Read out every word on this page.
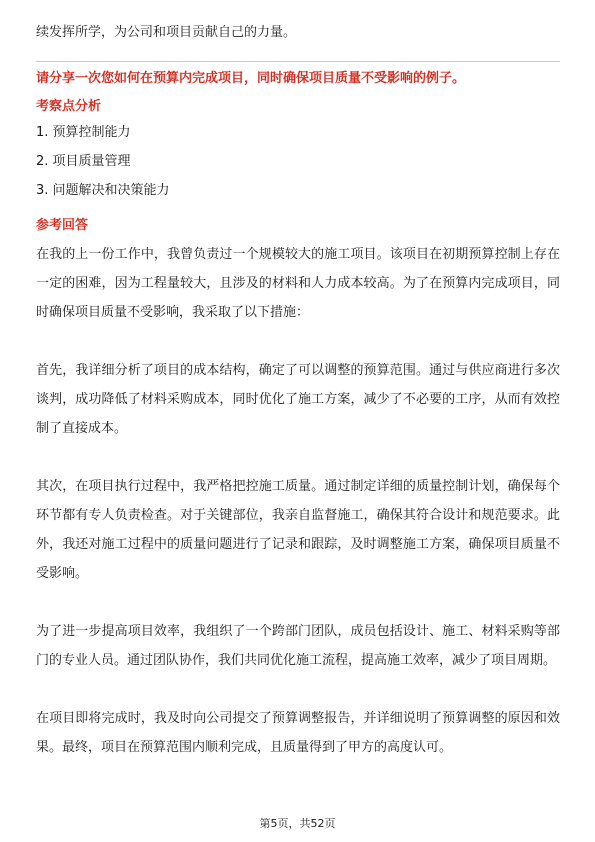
续发挥所学，为公司和项目贡献自己的力量。
请分享一次您如何在预算内完成项目，同时确保项目质量不受影响的例子。
考察点分析
1. 预算控制能力
2. 项目质量管理
3. 问题解决和决策能力
参考回答

在我的上一份工作中，我曾负责过一个规模较大的施工项目。该项目在初期预算控制上存在一定的困难，因为工程量较大，且涉及的材料和人力成本较高。为了在预算内完成项目，同时确保项目质量不受影响，我采取了以下措施：

首先，我详细分析了项目的成本结构，确定了可以调整的预算范围。通过与供应商进行多次谈判，成功降低了材料采购成本，同时优化了施工方案，减少了不必要的工序，从而有效控制了直接成本。

其次，在项目执行过程中，我严格把控施工质量。通过制定详细的质量控制计划，确保每个环节都有专人负责检查。对于关键部位，我亲自监督施工，确保其符合设计和规范要求。此外，我还对施工过程中的质量问题进行了记录和跟踪，及时调整施工方案，确保项目质量不受影响。

为了进一步提高项目效率，我组织了一个跨部门团队，成员包括设计、施工、材料采购等部门的专业人员。通过团队协作，我们共同优化施工流程，提高施工效率，减少了项目周期。

在项目即将完成时，我及时向公司提交了预算调整报告，并详细说明了预算调整的原因和效果。最终，项目在预算范围内顺利完成，且质量得到了甲方的高度认可。

第5页，共52页
